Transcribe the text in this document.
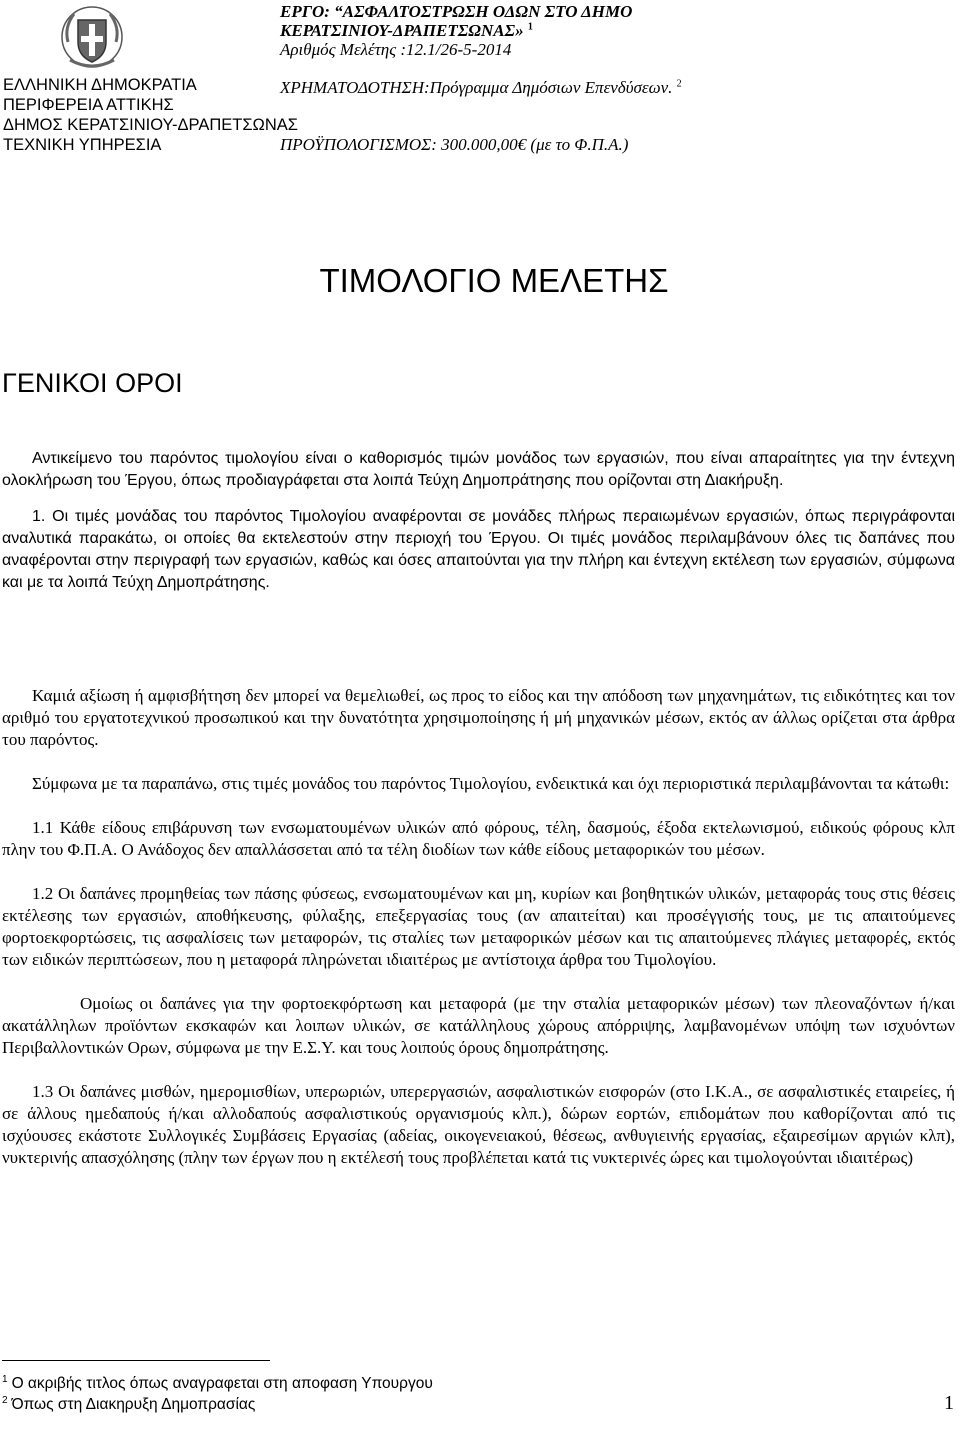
ΕΛΛΗΝΙΚΗ ΔΗΜΟΚΡΑΤΙΑ
ΠΕΡΙΦΕΡΕΙΑ ΑΤΤΙΚΗΣ
ΔΗΜΟΣ ΚΕΡΑΤΣΙΝΙΟΥ-ΔΡΑΠΕΤΣΩΝΑΣ
ΤΕΧΝΙΚΗ ΥΠΗΡΕΣΙΑ
ΕΡΓΟ: “ΑΣΦΑΛΤΟΣΤΡΩΣΗ ΟΔΩΝ ΣΤΟ ΔΗΜΟ
ΚΕΡΑΤΣΙΝΙΟΥ-ΔΡΑΠΕΤΣΩΝΑΣ» $^1$
Αριθμός Μελέτης :12.1/26-5-2014
ΧΡΗΜΑΤΟΔΟΤΗΣΗ:Πρόγραμμα Δημόσιων Επενδύσεων. $^2$
ΠΡΟΫΠΟΛΟΓΙΣΜΟΣ: 300.000,00€ (με το Φ.Π.Α.)
ΤΙΜΟΛΟΓΙΟ ΜΕΛΕΤΗΣ
ΓΕΝΙΚΟΙ ΟΡΟΙ

Αντικείμενο του παρόντος τιμολογίου είναι ο καθορισμός τιμών μονάδος των εργασιών, που είναι απαραίτητες για την έντεχνη ολοκλήρωση του Έργου, όπως προδιαγράφεται στα λοιπά Τεύχη Δημοπράτησης που ορίζονται στη Διακήρυξη.

1. Οι τιμές μονάδας του παρόντος Τιμολογίου αναφέρονται σε μονάδες πλήρως περαιωμένων εργασιών, όπως περιγράφονται αναλυτικά παρακάτω, οι οποίες θα εκτελεστούν στην περιοχή του Έργου. Οι τιμές μονάδος περιλαμβάνουν όλες τις δαπάνες που αναφέρονται στην περιγραφή των εργασιών, καθώς και όσες απαιτούνται για την πλήρη και έντεχνη εκτέλεση των εργασιών, σύμφωνα και με τα λοιπά Τεύχη Δημοπράτησης.

Καμιά αξίωση ή αμφισβήτηση δεν μπορεί να θεμελιωθεί, ως προς το είδος και την απόδοση των μηχανημάτων, τις ειδικότητες και τον αριθμό του εργατοτεχνικού προσωπικού και την δυνατότητα χρησιμοποίησης ή μή μηχανικών μέσων, εκτός αν άλλως ορίζεται στα άρθρα του παρόντος.

Σύμφωνα με τα παραπάνω, στις τιμές μονάδος του παρόντος Τιμολογίου, ενδεικτικά και όχι περιοριστικά περιλαμβάνονται τα κάτωθι:

1.1 Κάθε είδους επιβάρυνση των ενσωματουμένων υλικών από φόρους, τέλη, δασμούς, έξοδα εκτελωνισμού, ειδικούς φόρους κλπ πλην του Φ.Π.Α. Ο Ανάδοχος δεν απαλλάσσεται από τα τέλη διοδίων των κάθε είδους μεταφορικών του μέσων.

1.2 Οι δαπάνες προμηθείας των πάσης φύσεως, ενσωματουμένων και μη, κυρίων και βοηθητικών υλικών, μεταφοράς τους στις θέσεις εκτέλεσης των εργασιών, αποθήκευσης, φύλαξης, επεξεργασίας τους (αν απαιτείται) και προσέγγισής τους, με τις απαιτούμενες φορτοεκφορτώσεις, τις ασφαλίσεις των μεταφορών, τις σταλίες των μεταφορικών μέσων και τις απαιτούμενες πλάγιες μεταφορές, εκτός των ειδικών περιπτώσεων, που η μεταφορά πληρώνεται ιδιαιτέρως με αντίστοιχα άρθρα του Τιμολογίου.

Ομοίως οι δαπάνες για την φορτοεκφόρτωση και μεταφορά (με την σταλία μεταφορικών μέσων) των πλεοναζόντων ή/και ακατάλληλων προϊόντων εκσκαφών και λοιπων υλικών, σε κατάλληλους χώρους απόρριψης, λαμβανομένων υπόψη των ισχυόντων Περιβαλλοντικών Ορων, σύμφωνα με την Ε.Σ.Υ. και τους λοιπούς όρους δημοπράτησης.

1.3 Οι δαπάνες μισθών, ημερομισθίων, υπερωριών, υπερεργασιών, ασφαλιστικών εισφορών (στο Ι.Κ.Α., σε ασφαλιστικές εταιρείες, ή σε άλλους ημεδαπούς ή/και αλλοδαπούς ασφαλιστικούς οργανισμούς κλπ.), δώρων εορτών, επιδομάτων που καθορίζονται από τις ισχύουσες εκάστοτε Συλλογικές Συμβάσεις Εργασίας (αδείας, οικογενειακού, θέσεως, ανθυγιεινής εργασίας, εξαιρεσίμων αργιών κλπ), νυκτερινής απασχόλησης (πλην των έργων που η εκτέλεσή τους προβλέπεται κατά τις νυκτερινές ώρες και τιμολογούνται ιδιαιτέρως)

$^1$ Ο ακριβής τιτλος όπως αναγραφεται στη αποφαση Υπουργου
$^2$ Όπως στη Διακηρυξη Δημοπρασίας	1
